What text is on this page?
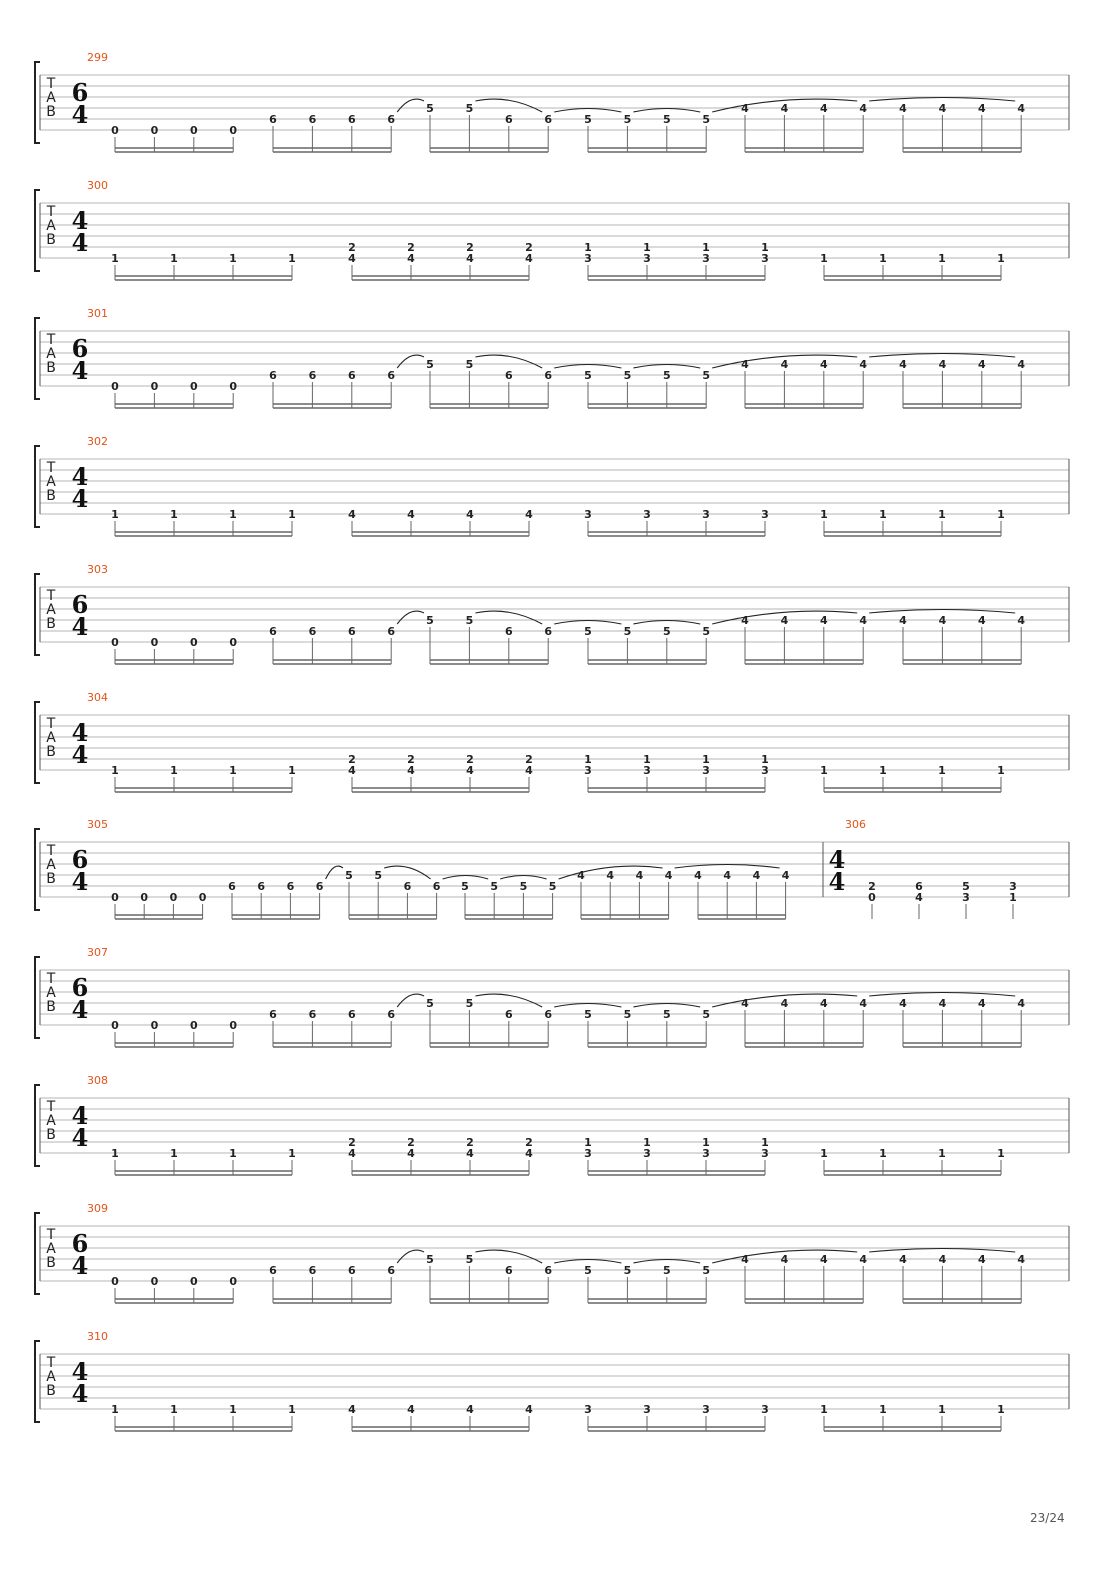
T
A
B
299
6
4
0	0	0	0
6	6	6	6
5	5
6	6	5	5	5	5
4	4	4	4	4	4	4	4
T
A
B
300
4
4
1	1	1	1
2
4
2
4
2
4
2
4
1
3
1
3
1
3
1
3	1	1	1	1
T
A
B
301
6
4
0	0	0	0
6	6	6	6
5	5
6	6	5	5	5	5
4	4	4	4	4	4	4	4
T
A
B
302
4
4
1	1	1	1	4	4	4	4	3	3	3	3	1	1	1	1
T
A
B
303
6
4
0	0	0	0
6	6	6	6
5	5
6	6	5	5	5	5
4	4	4	4	4	4	4	4
T
A
B
304
4
4
1	1	1	1
2
4
2
4
2
4
2
4
1
3
1
3
1
3
1
3	1	1	1	1
T
A
B
305
6
4
0 0 0 0
6 6 6 6
5 5
6 6 5 5 5 5
4 4 4 4 4 4 4 4
306
4
4 2
0
6
4
5
3
3
1
T
A
B
307
6
4
0	0	0	0
6	6	6	6
5	5
6	6	5	5	5	5
4	4	4	4	4	4	4	4
T
A
B
308
4
4
1	1	1	1
2
4
2
4
2
4
2
4
1
3
1
3
1
3
1
3	1	1	1	1
T
A
B
309
6
4
0	0	0	0
6	6	6	6
5	5
6	6	5	5	5	5
4	4	4	4	4	4	4	4
T
A
B
310
4
4
1	1	1	1	4	4	4	4	3	3	3	3	1	1	1	1
23/24
